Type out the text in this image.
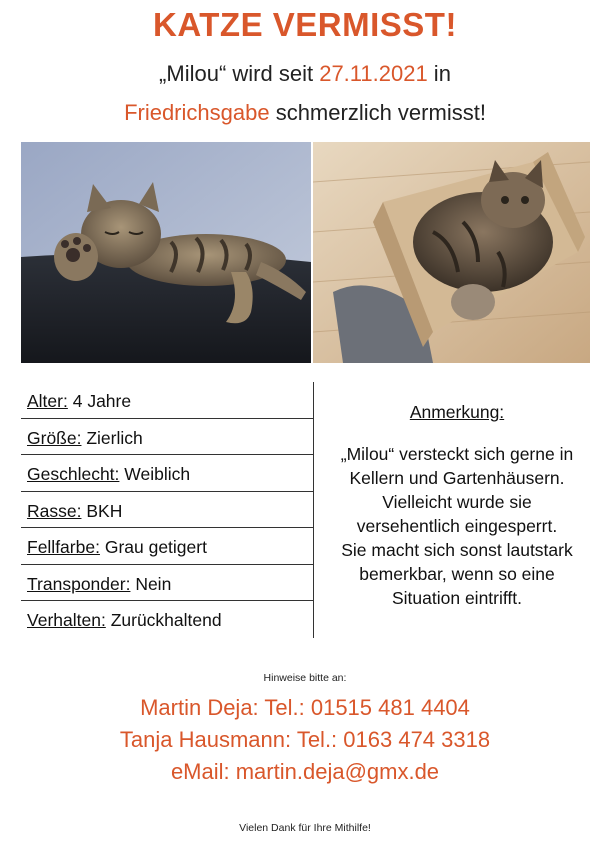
KATZE VERMISST!
„Milou“ wird seit 27.11.2021 in
Friedrichsgabe schmerzlich vermisst!
Alter: 4 Jahre
Größe: Zierlich
Geschlecht: Weiblich
Rasse: BKH
Fellfarbe: Grau getigert
Transponder: Nein
Verhalten: Zurückhaltend
Anmerkung:
„Milou“ versteckt sich gerne in
Kellern und Gartenhäusern.
Vielleicht wurde sie
versehentlich eingesperrt.
Sie macht sich sonst lautstark
bemerkbar, wenn so eine
Situation eintrifft.
Hinweise bitte an:
Martin Deja: Tel.: 01515 481 4404
Tanja Hausmann: Tel.: 0163 474 3318
eMail: martin.deja@gmx.de
Vielen Dank für Ihre Mithilfe!
